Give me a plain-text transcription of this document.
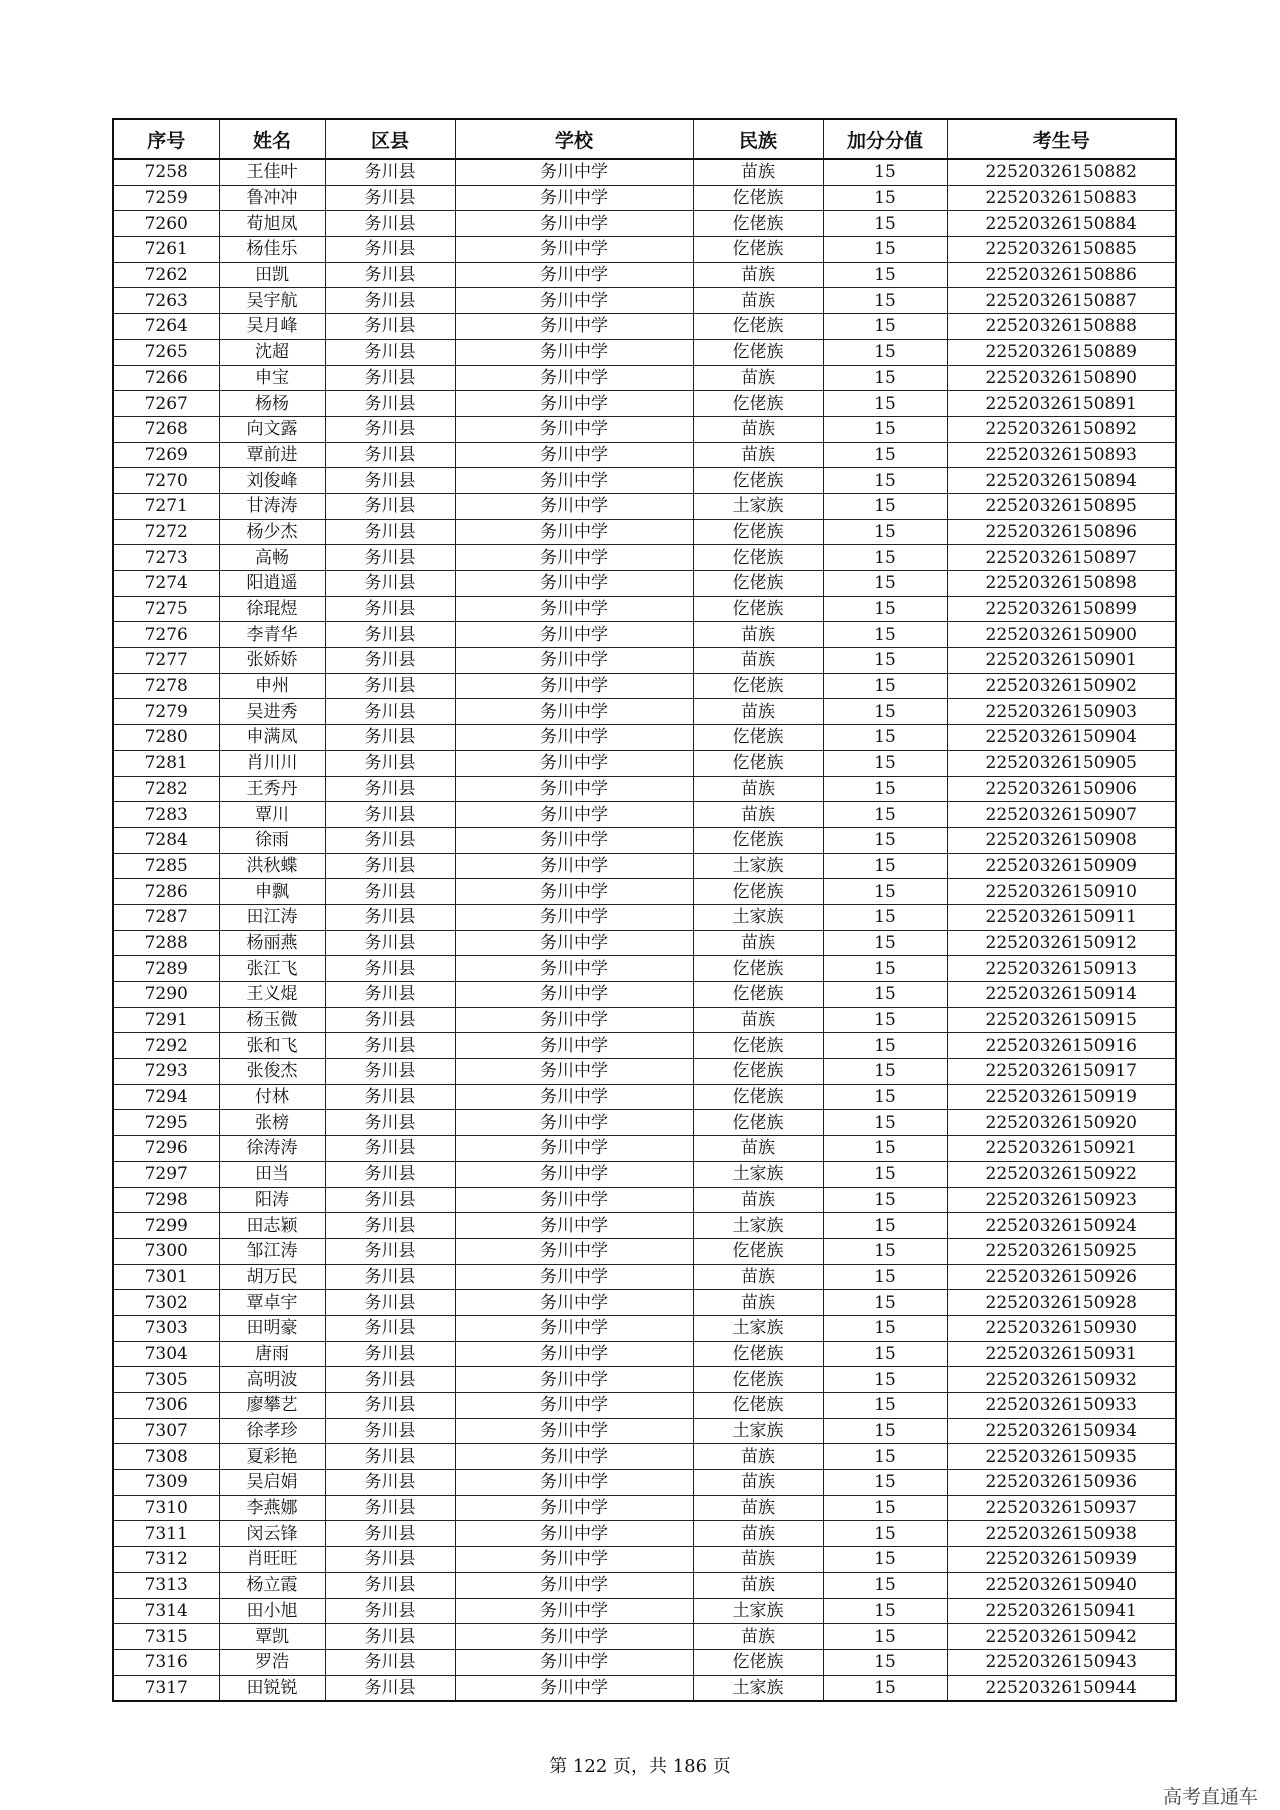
序号	姓名	区县	学校	民族	加分分值	考生号
7258	王佳叶	务川县	务川中学	苗族	15	22520326150882
7259	鲁冲冲	务川县	务川中学	仡佬族	15	22520326150883
7260	荀旭凤	务川县	务川中学	仡佬族	15	22520326150884
7261	杨佳乐	务川县	务川中学	仡佬族	15	22520326150885
7262	田凯	务川县	务川中学	苗族	15	22520326150886
7263	吴宇航	务川县	务川中学	苗族	15	22520326150887
7264	吴月峰	务川县	务川中学	仡佬族	15	22520326150888
7265	沈超	务川县	务川中学	仡佬族	15	22520326150889
7266	申宝	务川县	务川中学	苗族	15	22520326150890
7267	杨杨	务川县	务川中学	仡佬族	15	22520326150891
7268	向文露	务川县	务川中学	苗族	15	22520326150892
7269	覃前进	务川县	务川中学	苗族	15	22520326150893
7270	刘俊峰	务川县	务川中学	仡佬族	15	22520326150894
7271	甘涛涛	务川县	务川中学	土家族	15	22520326150895
7272	杨少杰	务川县	务川中学	仡佬族	15	22520326150896
7273	高畅	务川县	务川中学	仡佬族	15	22520326150897
7274	阳逍遥	务川县	务川中学	仡佬族	15	22520326150898
7275	徐琨煜	务川县	务川中学	仡佬族	15	22520326150899
7276	李青华	务川县	务川中学	苗族	15	22520326150900
7277	张娇娇	务川县	务川中学	苗族	15	22520326150901
7278	申州	务川县	务川中学	仡佬族	15	22520326150902
7279	吴进秀	务川县	务川中学	苗族	15	22520326150903
7280	申满凤	务川县	务川中学	仡佬族	15	22520326150904
7281	肖川川	务川县	务川中学	仡佬族	15	22520326150905
7282	王秀丹	务川县	务川中学	苗族	15	22520326150906
7283	覃川	务川县	务川中学	苗族	15	22520326150907
7284	徐雨	务川县	务川中学	仡佬族	15	22520326150908
7285	洪秋蝶	务川县	务川中学	土家族	15	22520326150909
7286	申飘	务川县	务川中学	仡佬族	15	22520326150910
7287	田江涛	务川县	务川中学	土家族	15	22520326150911
7288	杨丽燕	务川县	务川中学	苗族	15	22520326150912
7289	张江飞	务川县	务川中学	仡佬族	15	22520326150913
7290	王义焜	务川县	务川中学	仡佬族	15	22520326150914
7291	杨玉微	务川县	务川中学	苗族	15	22520326150915
7292	张和飞	务川县	务川中学	仡佬族	15	22520326150916
7293	张俊杰	务川县	务川中学	仡佬族	15	22520326150917
7294	付林	务川县	务川中学	仡佬族	15	22520326150919
7295	张榜	务川县	务川中学	仡佬族	15	22520326150920
7296	徐涛涛	务川县	务川中学	苗族	15	22520326150921
7297	田当	务川县	务川中学	土家族	15	22520326150922
7298	阳涛	务川县	务川中学	苗族	15	22520326150923
7299	田志颖	务川县	务川中学	土家族	15	22520326150924
7300	邹江涛	务川县	务川中学	仡佬族	15	22520326150925
7301	胡万民	务川县	务川中学	苗族	15	22520326150926
7302	覃卓宇	务川县	务川中学	苗族	15	22520326150928
7303	田明豪	务川县	务川中学	土家族	15	22520326150930
7304	唐雨	务川县	务川中学	仡佬族	15	22520326150931
7305	高明波	务川县	务川中学	仡佬族	15	22520326150932
7306	廖攀艺	务川县	务川中学	仡佬族	15	22520326150933
7307	徐孝珍	务川县	务川中学	土家族	15	22520326150934
7308	夏彩艳	务川县	务川中学	苗族	15	22520326150935
7309	吴启娟	务川县	务川中学	苗族	15	22520326150936
7310	李燕娜	务川县	务川中学	苗族	15	22520326150937
7311	闵云锋	务川县	务川中学	苗族	15	22520326150938
7312	肖旺旺	务川县	务川中学	苗族	15	22520326150939
7313	杨立霞	务川县	务川中学	苗族	15	22520326150940
7314	田小旭	务川县	务川中学	土家族	15	22520326150941
7315	覃凯	务川县	务川中学	苗族	15	22520326150942
7316	罗浩	务川县	务川中学	仡佬族	15	22520326150943
7317	田锐锐	务川县	务川中学	土家族	15	22520326150944
第 122 页，共 186 页
高考直通车
